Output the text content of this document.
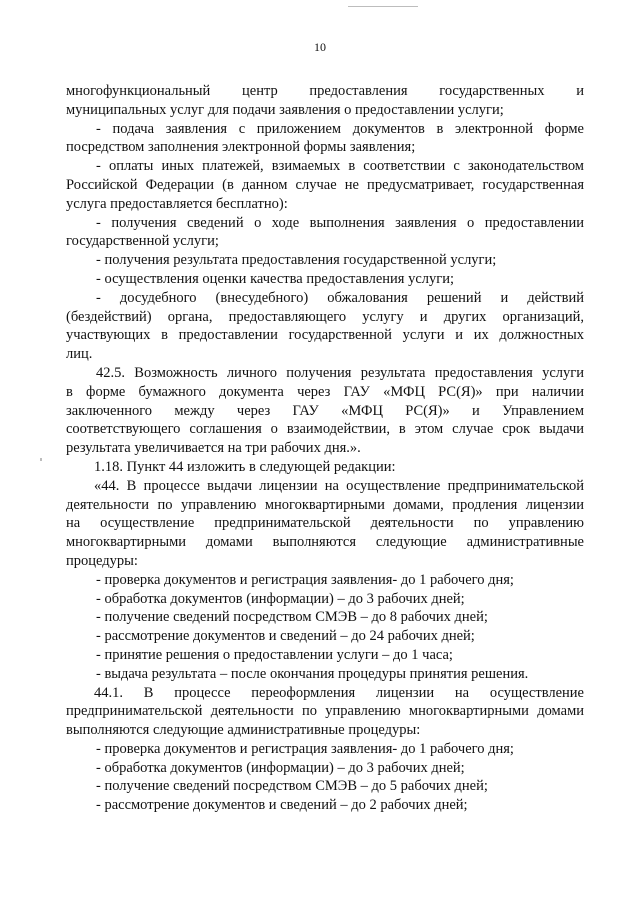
10
многофункциональный центр предоставления государственных и
муниципальных услуг для подачи заявления о предоставлении услуги;
- подача заявления с приложением документов в электронной форме
посредством заполнения электронной формы заявления;
- оплаты иных платежей, взимаемых в соответствии с законодательством
Российской Федерации (в данном случае не предусматривает, государственная
услуга предоставляется бесплатно):
- получения сведений о ходе выполнения заявления о предоставлении
государственной услуги;
- получения результата предоставления государственной услуги;
- осуществления оценки качества предоставления услуги;
- досудебного (внесудебного) обжалования решений и действий
(бездействий) органа, предоставляющего услугу и других организаций,
участвующих в предоставлении государственной услуги и их должностных
лиц.
42.5. Возможность личного получения результата предоставления услуги
в форме бумажного документа через ГАУ «МФЦ РС(Я)» при наличии
заключенного между через ГАУ «МФЦ РС(Я)» и Управлением
соответствующего соглашения о взаимодействии, в этом случае срок выдачи
результата увеличивается на три рабочих дня.».
1.18. Пункт 44 изложить в следующей редакции:
«44. В процессе выдачи лицензии на осуществление предпринимательской
деятельности по управлению многоквартирными домами, продления лицензии
на осуществление предпринимательской деятельности по управлению
многоквартирными домами выполняются следующие административные
процедуры:
- проверка документов и регистрация заявления- до 1 рабочего дня;
- обработка документов (информации) – до 3 рабочих дней;
- получение сведений посредством СМЭВ – до 8 рабочих дней;
- рассмотрение документов и сведений – до 24 рабочих дней;
- принятие решения о предоставлении услуги – до 1 часа;
- выдача результата – после окончания процедуры принятия решения.
44.1. В процессе переоформления лицензии на осуществление
предпринимательской деятельности по управлению многоквартирными домами
выполняются следующие административные процедуры:
- проверка документов и регистрация заявления- до 1 рабочего дня;
- обработка документов (информации) – до 3 рабочих дней;
- получение сведений посредством СМЭВ – до 5 рабочих дней;
- рассмотрение документов и сведений – до 2 рабочих дней;
